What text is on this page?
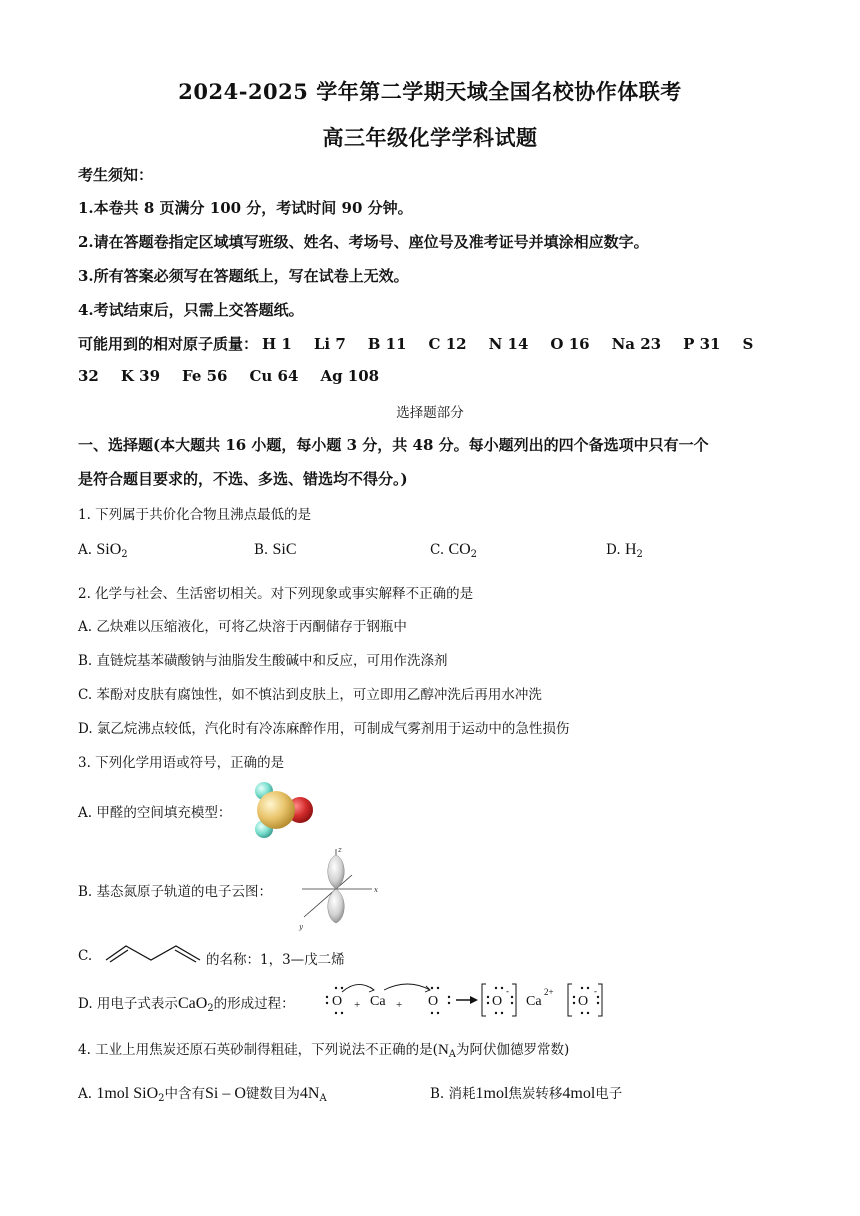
2024-2025 学年第二学期天域全国名校协作体联考
高三年级化学学科试题
考生须知：
1.本卷共 8 页满分 100 分，考试时间 90 分钟。
2.请在答题卷指定区域填写班级、姓名、考场号、座位号及准考证号并填涂相应数字。
3.所有答案必须写在答题纸上，写在试卷上无效。
4.考试结束后，只需上交答题纸。
可能用到的相对原子质量： H 1 Li 7 B 11 C 12 N 14 O 16 Na 23 P 31 S
32 K 39 Fe 56 Cu 64 Ag 108
选择题部分
一、选择题(本大题共 16 小题，每小题 3 分，共 48 分。每小题列出的四个备选项中只有一个
是符合题目要求的，不选、多选、错选均不得分。)
1. 下列属于共价化合物且沸点最低的是
A. SiO$_2$	B. SiC	C. $CO_2$	D. $H_2$
2. 化学与社会、生活密切相关。对下列现象或事实解释不正确的是
A. 乙炔难以压缩液化，可将乙炔溶于丙酮储存于钢瓶中
B. 直链烷基苯磺酸钠与油脂发生酸碱中和反应，可用作洗涤剂
C. 苯酚对皮肤有腐蚀性，如不慎沾到皮肤上，可立即用乙醇冲洗后再用水冲洗
D. 氯乙烷沸点较低，汽化时有冷冻麻醉作用，可制成气雾剂用于运动中的急性损伤
3. 下列化学用语或符号，正确的是
A. 甲醛的空间填充模型：
B. 基态氮原子轨道的电子云图：
z
x
y
C.	的名称：1，3—戊二烯
D. 用电子式表示CaO$_2$的形成过程：	O + Ca + O	O
-
Ca
2+
O
-
4. 工业上用焦炭还原石英砂制得粗硅，下列说法不正确的是($N_A$为阿伏伽德罗常数)
A. 1mol SiO$_2$中含有Si – O键数目为$4N_A$	B. 消耗1mol焦炭转移4mol电子
